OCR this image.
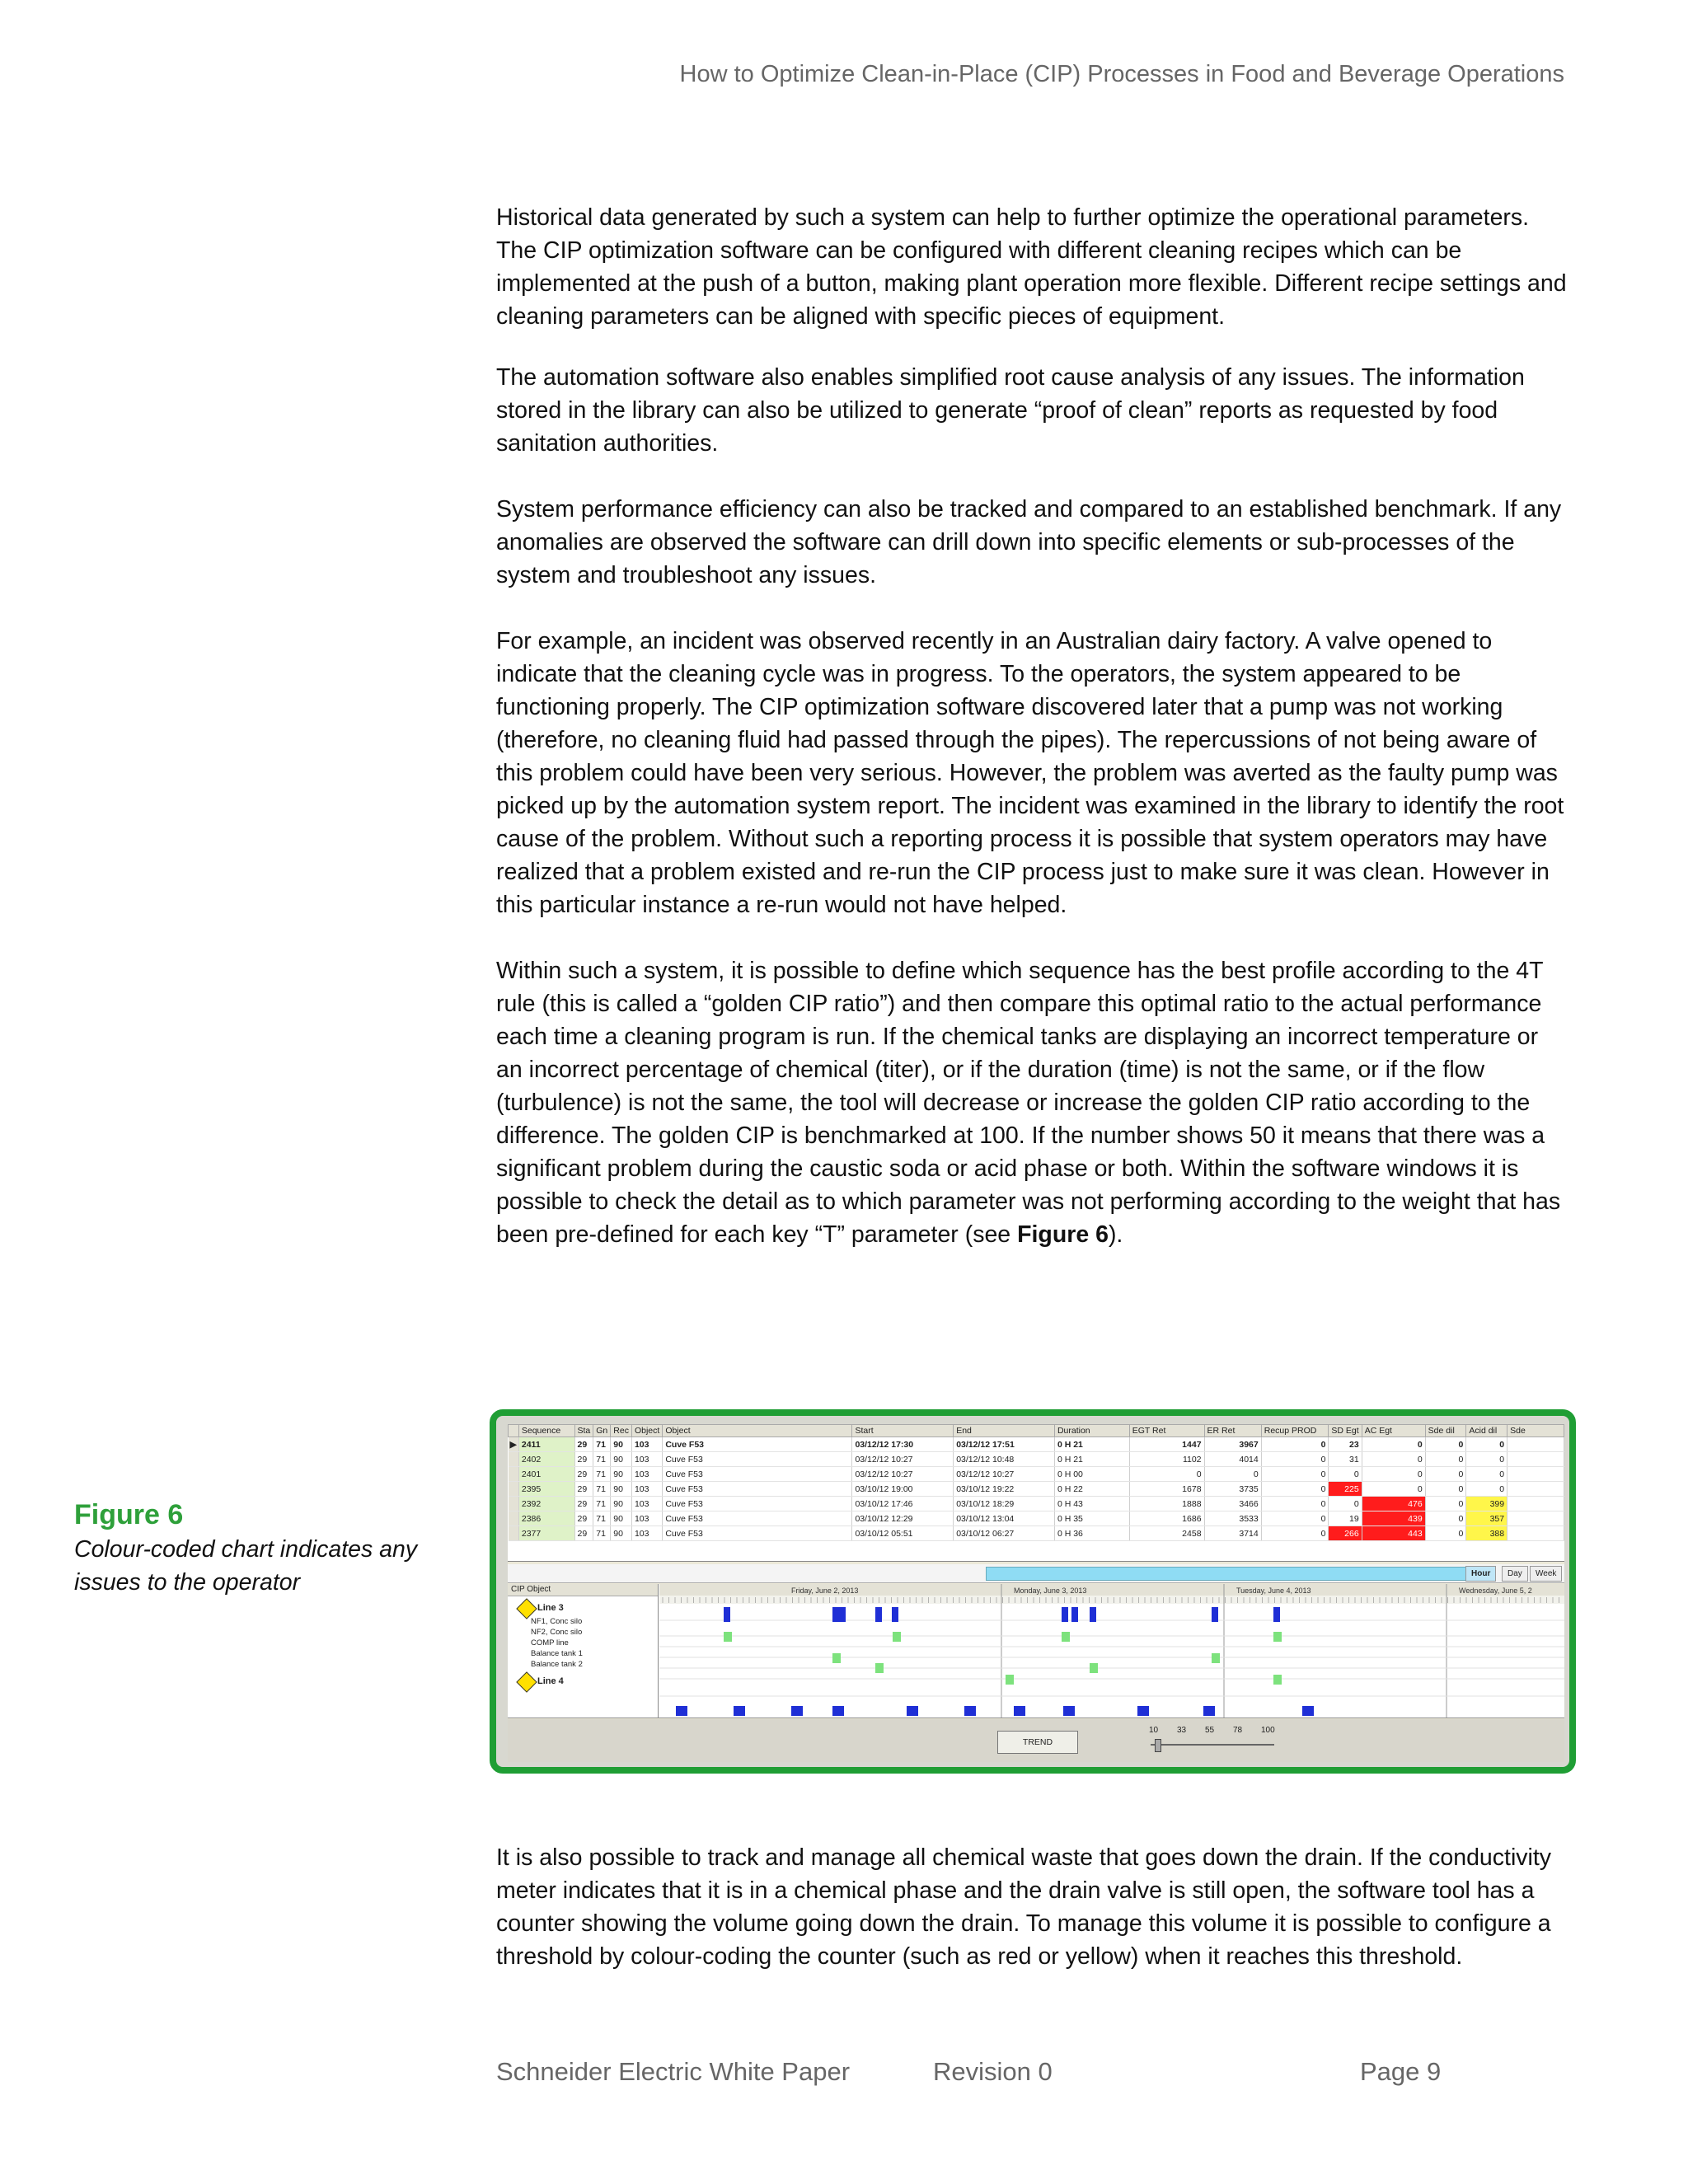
How to Optimize Clean-in-Place (CIP) Processes in Food and Beverage Operations

Historical data generated by such a system can help to further optimize the operational parameters. The CIP optimization software can be configured with different cleaning recipes which can be implemented at the push of a button, making plant operation more flexible. Different recipe settings and cleaning parameters can be aligned with specific pieces of equipment.

The automation software also enables simplified root cause analysis of any issues. The information stored in the library can also be utilized to generate “proof of clean” reports as requested by food sanitation authorities.

System performance efficiency can also be tracked and compared to an established benchmark. If any anomalies are observed the software can drill down into specific elements or sub-processes of the system and troubleshoot any issues.

For example, an incident was observed recently in an Australian dairy factory. A valve opened to indicate that the cleaning cycle was in progress. To the operators, the system appeared to be functioning properly. The CIP optimization software discovered later that a pump was not working (therefore, no cleaning fluid had passed through the pipes). The repercussions of not being aware of this problem could have been very serious. However, the problem was averted as the faulty pump was picked up by the automation system report. The incident was examined in the library to identify the root cause of the problem. Without such a reporting process it is possible that system operators may have realized that a problem existed and re-run the CIP process just to make sure it was clean. However in this particular instance a re-run would not have helped.

Within such a system, it is possible to define which sequence has the best profile according to the 4T rule (this is called a “golden CIP ratio”) and then compare this optimal ratio to the actual performance each time a cleaning program is run. If the chemical tanks are displaying an incorrect temperature or an incorrect percentage of chemical (titer), or if the duration (time) is not the same, or if the flow (turbulence) is not the same, the tool will decrease or increase the golden CIP ratio according to the difference. The golden CIP is benchmarked at 100. If the number shows 50 it means that there was a significant problem during the caustic soda or acid phase or both. Within the software windows it is possible to check the detail as to which parameter was not performing according to the weight that has been pre-defined for each key “T” parameter (see Figure 6).

Figure 6
Colour-coded chart indicates any issues to the operator
	Sequence	Sta	Gn	Rec	Object	Object	Start	End	Duration	EGT Ret	ER Ret	Recup PROD	SD Egt	AC Egt	Sde dil	Acid dil	Sde
▶	2411	29	71	90	103	Cuve F53	03/12/12 17:30	03/12/12 17:51	0 H 21	1447	3967	0	23	0	0	0	
	2402	29	71	90	103	Cuve F53	03/12/12 10:27	03/12/12 10:48	0 H 21	1102	4014	0	31	0	0	0	
	2401	29	71	90	103	Cuve F53	03/12/12 10:27	03/12/12 10:27	0 H 00	0	0	0	0	0	0	0	
	2395	29	71	90	103	Cuve F53	03/10/12 19:00	03/10/12 19:22	0 H 22	1678	3735	0	225	0	0	0	
	2392	29	71	90	103	Cuve F53	03/10/12 17:46	03/10/12 18:29	0 H 43	1888	3466	0	0	476	0	399	
	2386	29	71	90	103	Cuve F53	03/10/12 12:29	03/10/12 13:04	0 H 35	1686	3533	0	19	439	0	357	
	2377	29	71	90	103	Cuve F53	03/10/12 05:51	03/10/12 06:27	0 H 36	2458	3714	0	266	443	0	388	
Hour	Day	Week
CIP Object
Line 3
NF1, Conc silo
NF2, Conc silo
COMP line
Balance tank 1
Balance tank 2
Line 4
Friday, June 2, 2013	Monday, June 3, 2013	Tuesday, June 4, 2013	Wednesday, June 5, 2
TREND
10 33 55 78 100

It is also possible to track and manage all chemical waste that goes down the drain. If the conductivity meter indicates that it is in a chemical phase and the drain valve is still open, the software tool has a counter showing the volume going down the drain. To manage this volume it is possible to configure a threshold by colour-coding the counter (such as red or yellow) when it reaches this threshold.

Schneider Electric White Paper	Revision 0	Page 9
